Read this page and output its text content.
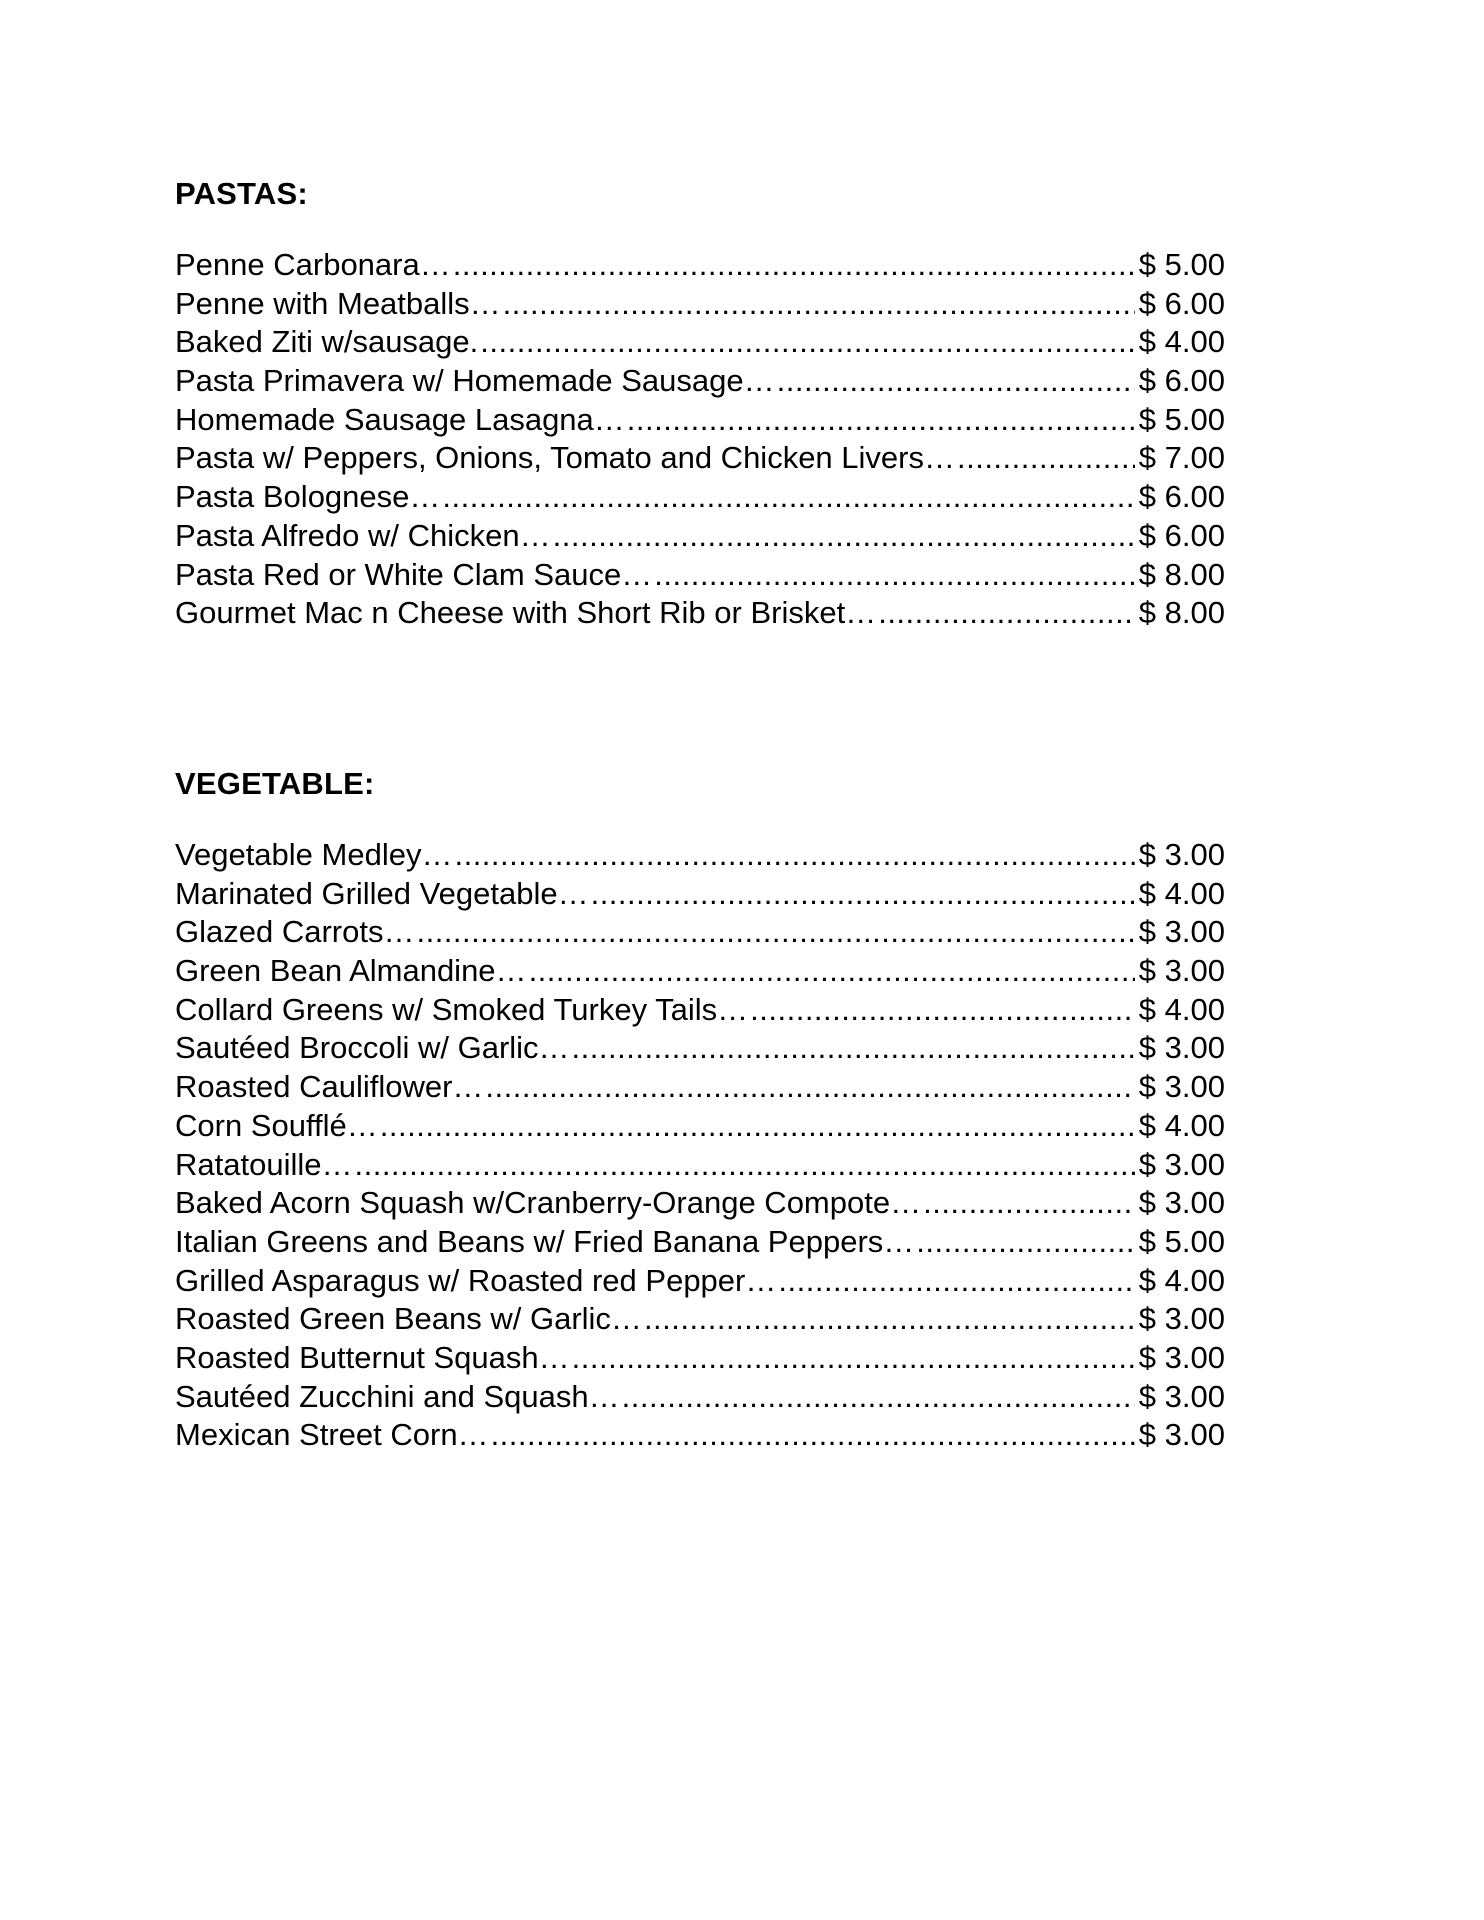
PASTAS:
Penne Carbonara… .....	$ 5.00
Penne with Meatballs… .....	$ 6.00
Baked Ziti w/sausage. .....	$ 4.00
Pasta Primavera w/ Homemade Sausage… .....	$ 6.00
Homemade Sausage Lasagna… .....	$ 5.00
Pasta w/ Peppers, Onions, Tomato and Chicken Livers… .....	$ 7.00
Pasta Bolognese… .....	$ 6.00
Pasta Alfredo w/ Chicken… .....	$ 6.00
Pasta Red or White Clam Sauce… .....	$ 8.00
Gourmet Mac n Cheese with Short Rib or Brisket… .....	$ 8.00
VEGETABLE:
Vegetable Medley… .....	$ 3.00
Marinated Grilled Vegetable… .....	$ 4.00
Glazed Carrots… .....	$ 3.00
Green Bean Almandine… .....	$ 3.00
Collard Greens w/ Smoked Turkey Tails… .....	$ 4.00
Sautéed Broccoli w/ Garlic… .....	$ 3.00
Roasted Cauliflower… .....	$ 3.00
Corn Soufflé… .....	$ 4.00
Ratatouille… .....	$ 3.00
Baked Acorn Squash w/Cranberry-Orange Compote… .....	$ 3.00
Italian Greens and Beans w/ Fried Banana Peppers… .....	$ 5.00
Grilled Asparagus w/ Roasted red Pepper… .....	$ 4.00
Roasted Green Beans w/ Garlic… .....	$ 3.00
Roasted Butternut Squash… .....	$ 3.00
Sautéed Zucchini and Squash… .....	$ 3.00
Mexican Street Corn… .....	$ 3.00
